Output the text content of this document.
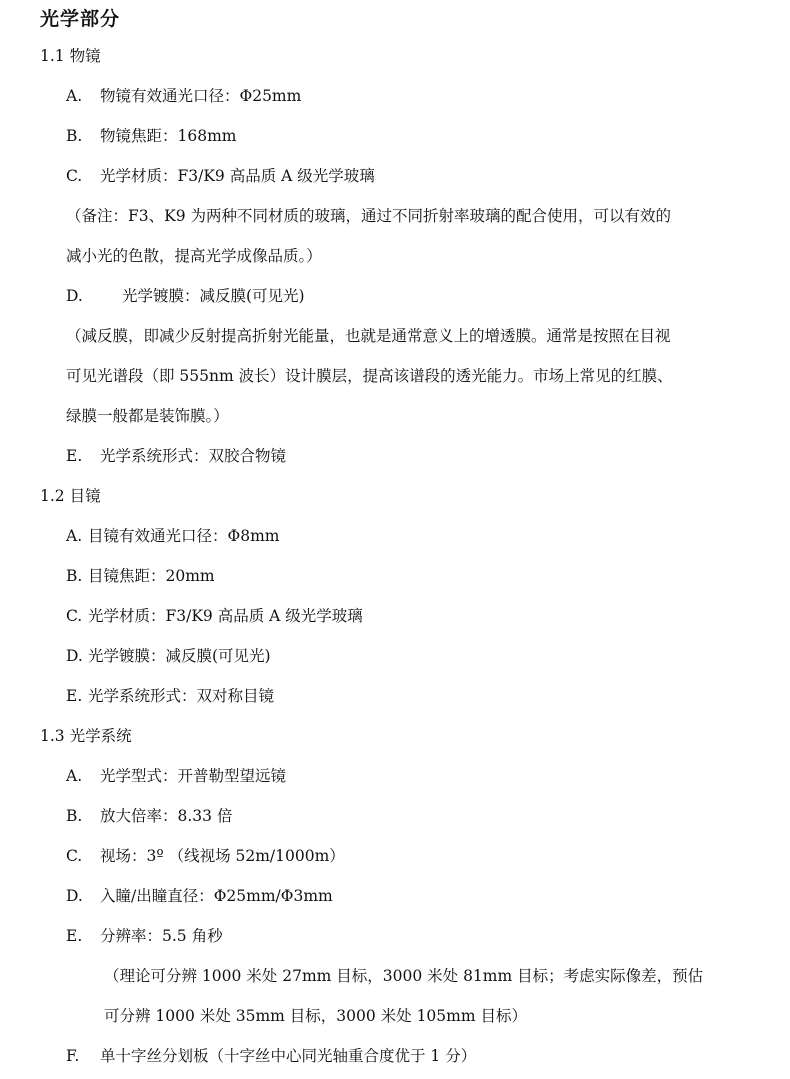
光学部分
1.1 物镜
A. 物镜有效通光口径：Φ25mm
B. 物镜焦距：168mm
C. 光学材质：F3/K9 高品质 A 级光学玻璃
（备注：F3、K9 为两种不同材质的玻璃，通过不同折射率玻璃的配合使用，可以有效的
减小光的色散，提高光学成像品质。）
D.	光学镀膜：减反膜(可见光)
（减反膜，即减少反射提高折射光能量，也就是通常意义上的增透膜。通常是按照在目视
可见光谱段（即 555nm 波长）设计膜层，提高该谱段的透光能力。市场上常见的红膜、
绿膜一般都是装饰膜。）
E. 光学系统形式：双胶合物镜
1.2 目镜
A. 目镜有效通光口径：Φ8mm
B. 目镜焦距：20mm
C. 光学材质：F3/K9 高品质 A 级光学玻璃
D. 光学镀膜：减反膜(可见光)
E. 光学系统形式：双对称目镜
1.3 光学系统
A. 光学型式：开普勒型望远镜
B. 放大倍率：8.33 倍
C. 视场：3º （线视场 52m/1000m）
D. 入瞳/出瞳直径：Φ25mm/Φ3mm
E. 分辨率：5.5 角秒
（理论可分辨 1000 米处 27mm 目标，3000 米处 81mm 目标；考虑实际像差，预估
可分辨 1000 米处 35mm 目标，3000 米处 105mm 目标）
F. 单十字丝分划板（十字丝中心同光轴重合度优于 1 分）
